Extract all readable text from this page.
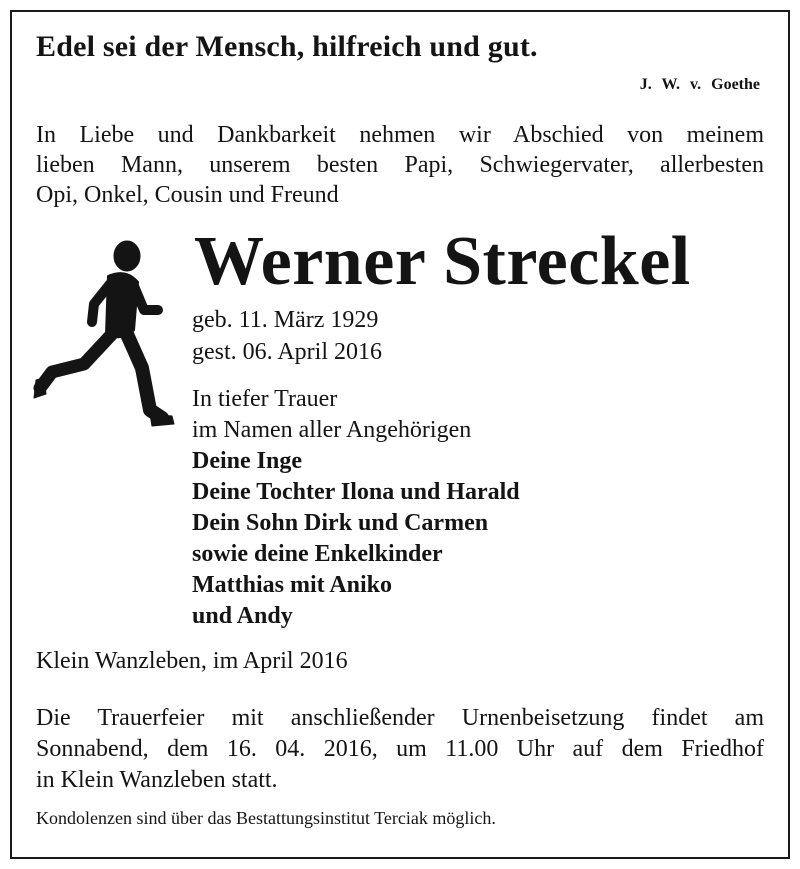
Edel sei der Mensch, hilfreich und gut.
J. W. v. Goethe
In Liebe und Dankbarkeit nehmen wir Abschied von meinem
lieben Mann, unserem besten Papi, Schwiegervater, allerbesten
Opi, Onkel, Cousin und Freund
Werner Streckel
geb. 11. März 1929
gest. 06. April 2016
In tiefer Trauer
im Namen aller Angehörigen
Deine Inge
Deine Tochter Ilona und Harald
Dein Sohn Dirk und Carmen
sowie deine Enkelkinder
Matthias mit Aniko
und Andy
Klein Wanzleben, im April 2016
Die Trauerfeier mit anschließender Urnenbeisetzung findet am
Sonnabend, dem 16. 04. 2016, um 11.00 Uhr auf dem Friedhof
in Klein Wanzleben statt.
Kondolenzen sind über das Bestattungsinstitut Terciak möglich.
